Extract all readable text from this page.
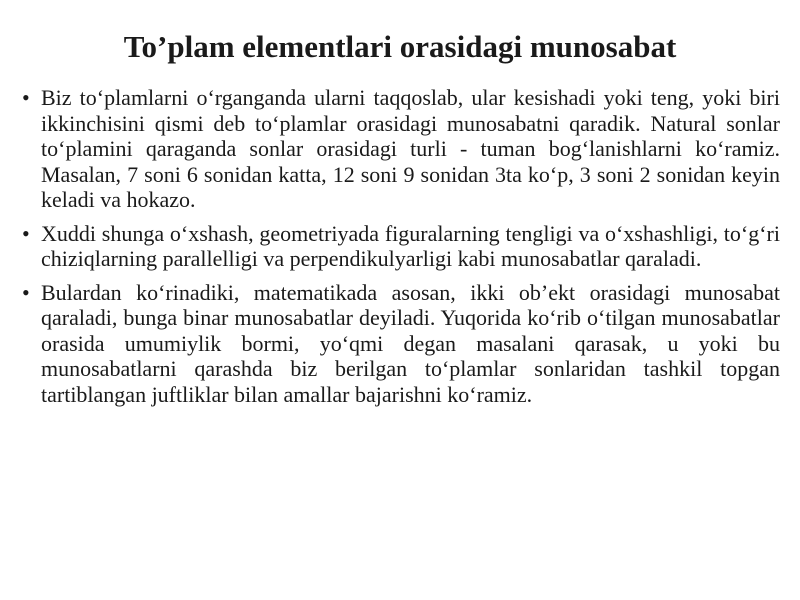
To’plam elementlari orasidagi munosabat
• Biz to‘plamlarni o‘rganganda ularni taqqoslab, ular kesishadi yoki teng, yoki biri ikkinchisini qismi deb to‘plamlar orasidagi munosabatni qaradik. Natural sonlar to‘plamini qaraganda sonlar orasidagi turli - tuman bog‘lanishlarni ko‘ramiz. Masalan, 7 soni 6 sonidan katta, 12 soni 9 sonidan 3ta ko‘p, 3 soni 2 sonidan keyin keladi va hokazo.
• Xuddi shunga o‘xshash, geometriyada figuralarning tengligi va o‘xshashligi, to‘g‘ri chiziqlarning parallelligi va perpendikulyarligi kabi munosabatlar qaraladi.
• Bulardan ko‘rinadiki, matematikada asosan, ikki ob’ekt orasidagi munosabat qaraladi, bunga binar munosabatlar deyiladi. Yuqorida ko‘rib o‘tilgan munosabatlar orasida umumiylik bormi, yo‘qmi degan masalani qarasak, u yoki bu munosabatlarni qarashda biz berilgan to‘plamlar sonlaridan tashkil topgan tartiblangan juftliklar bilan amallar bajarishni ko‘ramiz.
